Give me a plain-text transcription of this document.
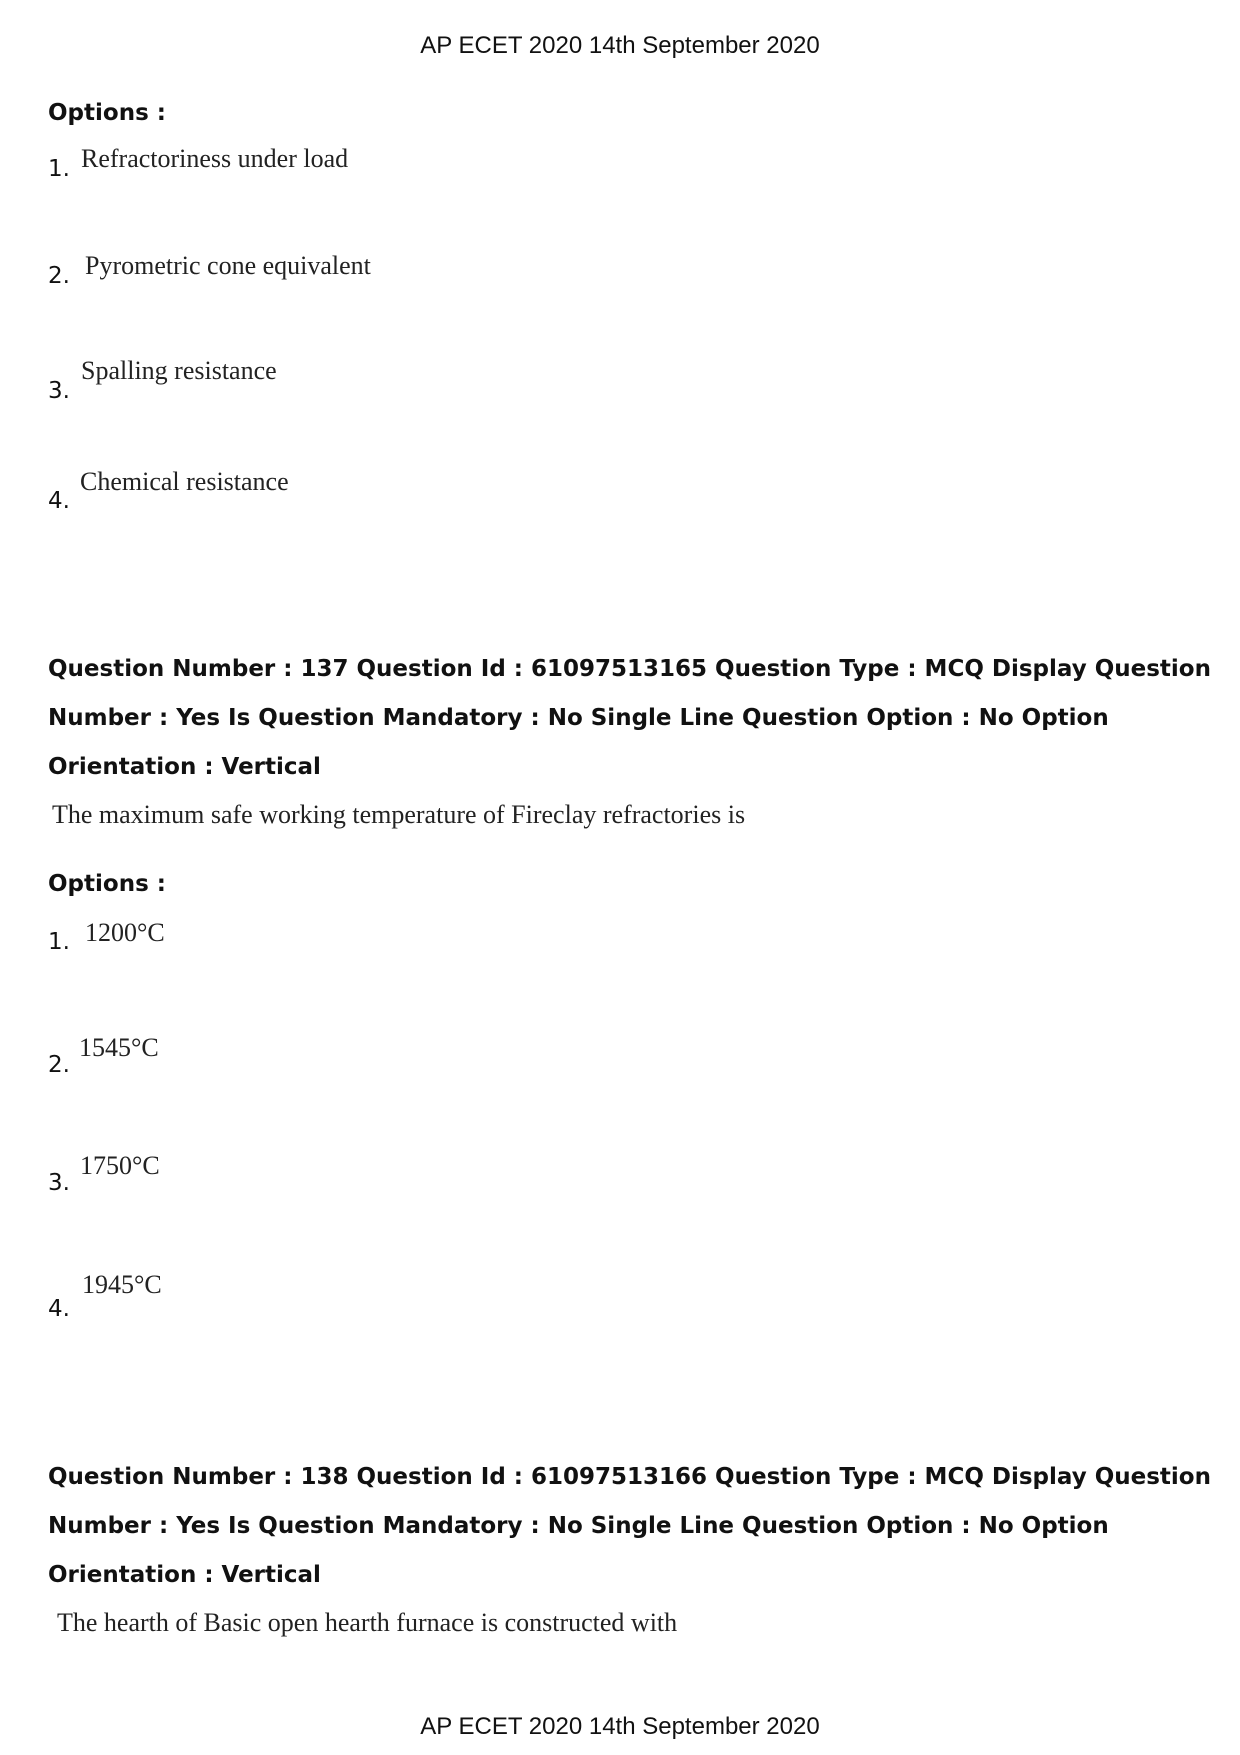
AP ECET 2020 14th September 2020
Options :
1. Refractoriness under load
2. Pyrometric cone equivalent
3.
Spalling resistance
4.
Chemical resistance
Question Number : 137 Question Id : 61097513165 Question Type : MCQ Display Question
Number : Yes Is Question Mandatory : No Single Line Question Option : No Option
Orientation : Vertical
The maximum safe working temperature of Fireclay refractories is
Options :
1. 1200°C
2.
1545°C
3.
1750°C
4.
1945°C
Question Number : 138 Question Id : 61097513166 Question Type : MCQ Display Question
Number : Yes Is Question Mandatory : No Single Line Question Option : No Option
Orientation : Vertical
The hearth of Basic open hearth furnace is constructed with
AP ECET 2020 14th September 2020
